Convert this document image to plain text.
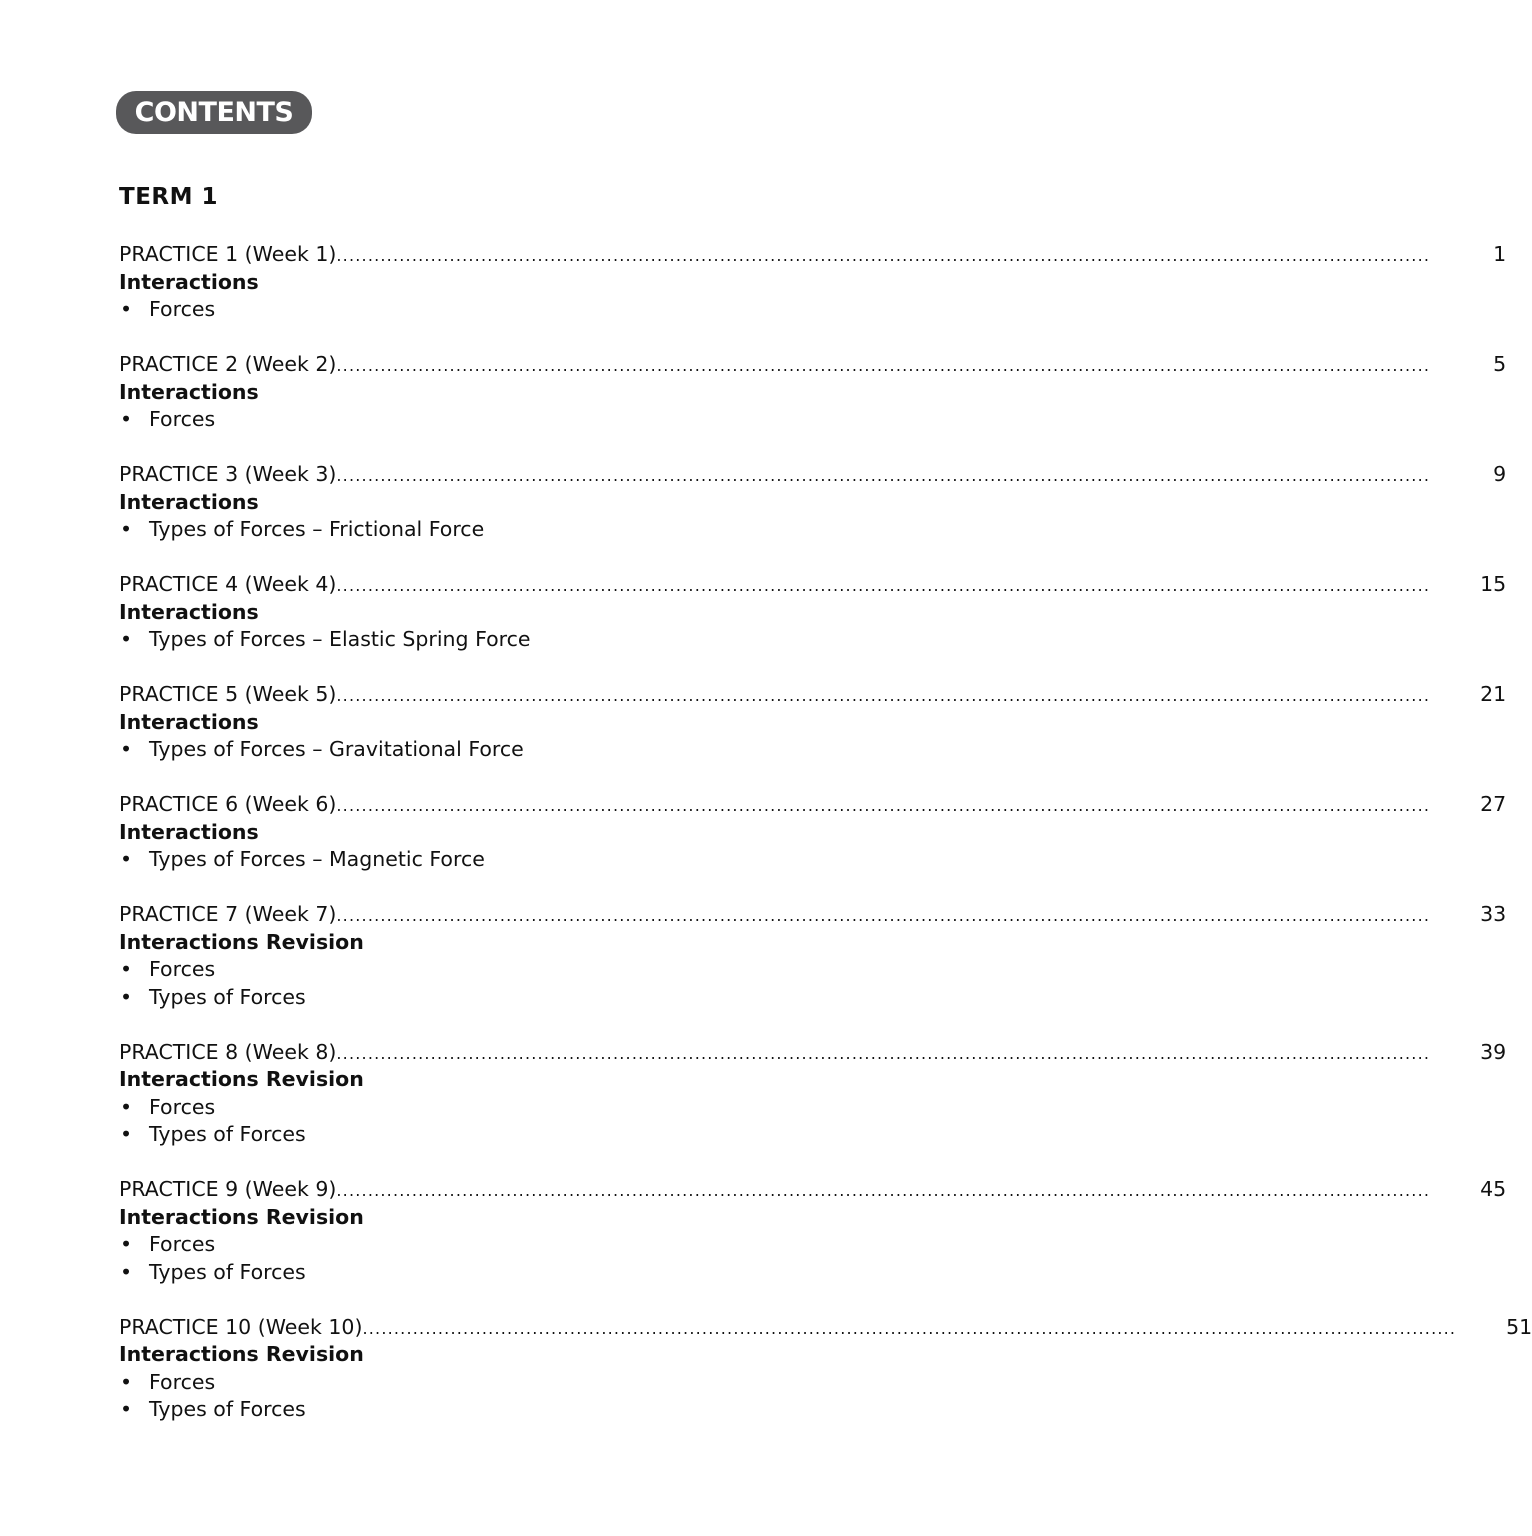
CONTENTS
TERM 1
PRACTICE 1 (Week 1) ..............................................................................................................................................................................	1
Interactions
• Forces
PRACTICE 2 (Week 2) ..............................................................................................................................................................................	5
Interactions
• Forces
PRACTICE 3 (Week 3) ..............................................................................................................................................................................	9
Interactions
• Types of Forces – Frictional Force
PRACTICE 4 (Week 4) ..............................................................................................................................................................................	15
Interactions
• Types of Forces – Elastic Spring Force
PRACTICE 5 (Week 5) ..............................................................................................................................................................................	21
Interactions
• Types of Forces – Gravitational Force
PRACTICE 6 (Week 6) ..............................................................................................................................................................................	27
Interactions
• Types of Forces – Magnetic Force
PRACTICE 7 (Week 7) ..............................................................................................................................................................................	33
Interactions Revision
• Forces
• Types of Forces
PRACTICE 8 (Week 8) ..............................................................................................................................................................................	39
Interactions Revision
• Forces
• Types of Forces
PRACTICE 9 (Week 9) ..............................................................................................................................................................................	45
Interactions Revision
• Forces
• Types of Forces
PRACTICE 10 (Week 10) ..............................................................................................................................................................................	51
Interactions Revision
• Forces
• Types of Forces
